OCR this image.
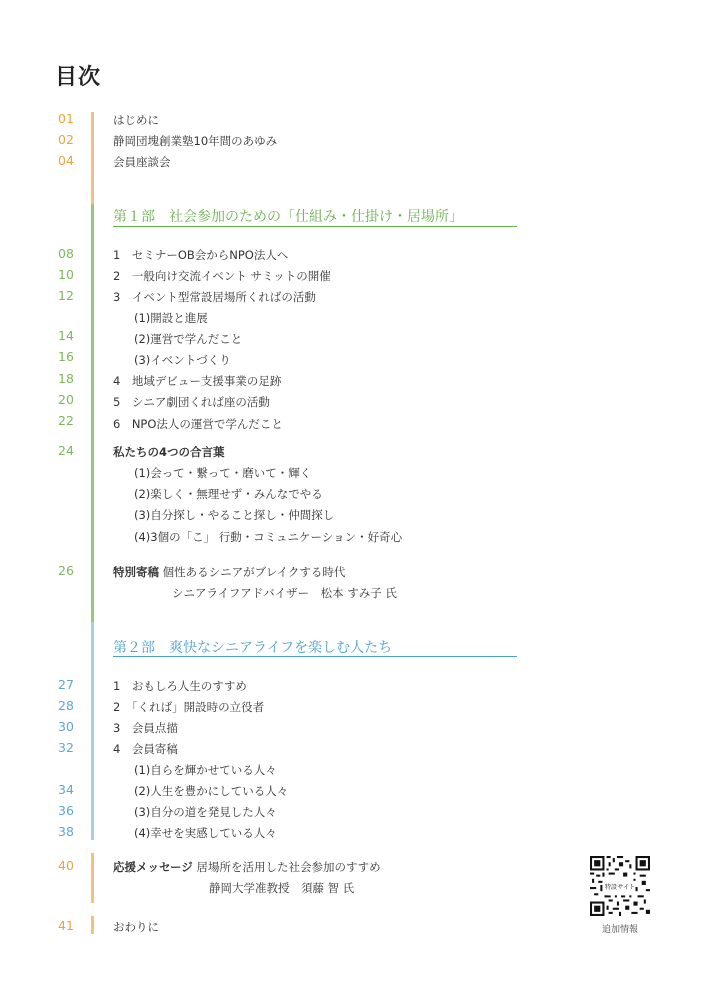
目次
01	はじめに
02	静岡団塊創業塾10年間のあゆみ
04	会員座談会
第１部 社会参加のための「仕組み・仕掛け・居場所」
08	1　セミナーOB会からNPO法人へ
10	2　一般向け交流イベント サミットの開催
12	3　イベント型常設居場所くればの活動
(1)開設と進展
14	(2)運営で学んだこと
16	(3)イベントづくり
18	4　地域デビュー支援事業の足跡
20	5　シニア劇団くれば座の活動
22	6　NPO法人の運営で学んだこと
24	私たちの4つの合言葉
(1)会って・繋って・磨いて・輝く
(2)楽しく・無理せず・みんなでやる
(3)自分探し・やること探し・仲間探し
(4)3個の「こ」 行動・コミュニケーション・好奇心
26	特別寄稿 個性あるシニアがブレイクする時代
シニアライフアドバイザー　松本 すみ子 氏
第２部 爽快なシニアライフを楽しむ人たち
27	1　おもしろ人生のすすめ
28	2　「くれば」開設時の立役者
30	3　会員点描
32	4　会員寄稿
(1)自らを輝かせている人々
34	(2)人生を豊かにしている人々
36	(3)自分の道を発見した人々
38	(4)幸せを実感している人々
40	応援メッセージ 居場所を活用した社会参加のすすめ
静岡大学准教授　須藤 智 氏
41	おわりに
特設サイト
追加情報
